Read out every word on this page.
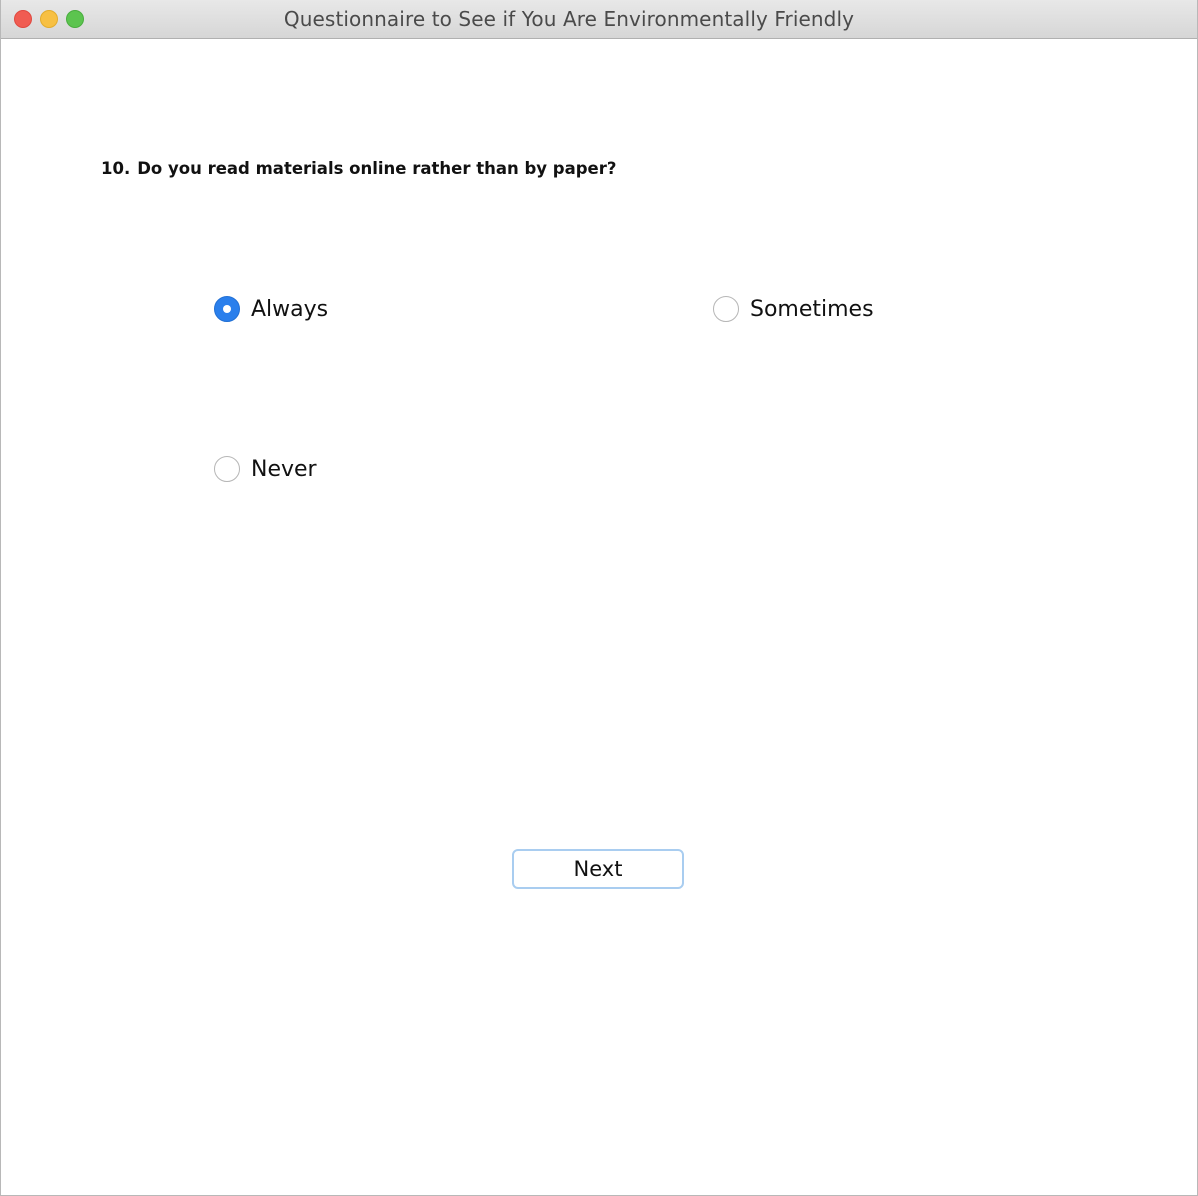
Questionnaire to See if You Are Environmentally Friendly
10. Do you read materials online rather than by paper?
Always	Sometimes
Never
Next
